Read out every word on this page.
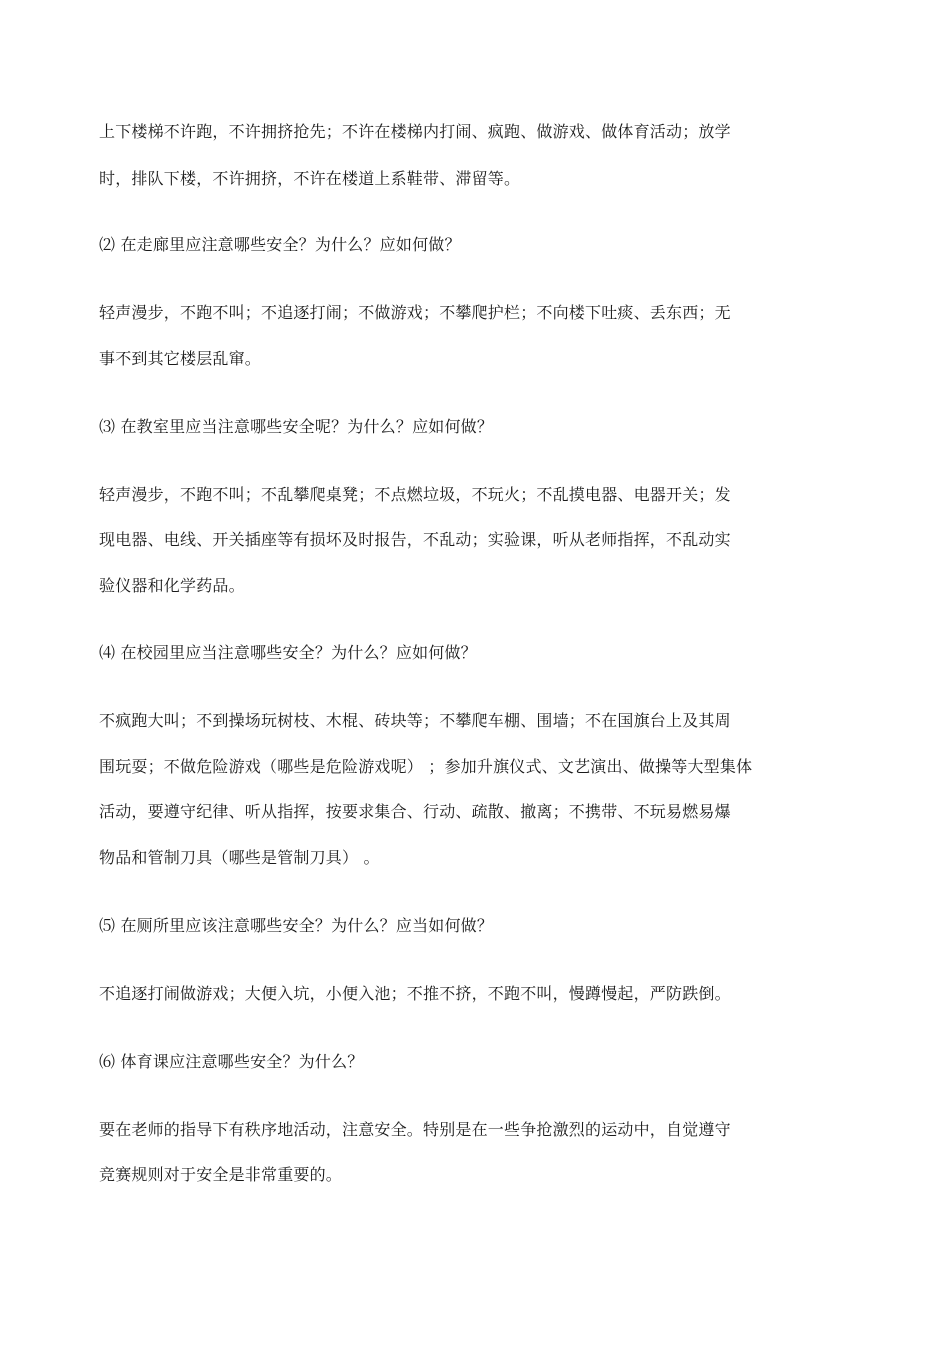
上下楼梯不许跑，不许拥挤抢先；不许在楼梯内打闹、疯跑、做游戏、做体育活动；放学
时，排队下楼，不许拥挤，不许在楼道上系鞋带、滞留等。
⑵ 在走廊里应注意哪些安全？为什么？应如何做？
轻声漫步，不跑不叫；不追逐打闹；不做游戏；不攀爬护栏；不向楼下吐痰、丢东西；无
事不到其它楼层乱窜。
⑶ 在教室里应当注意哪些安全呢？为什么？应如何做？
轻声漫步，不跑不叫；不乱攀爬桌凳；不点燃垃圾，不玩火；不乱摸电器、电器开关；发
现电器、电线、开关插座等有损坏及时报告，不乱动；实验课，听从老师指挥，不乱动实
验仪器和化学药品。
⑷ 在校园里应当注意哪些安全？为什么？应如何做？
不疯跑大叫；不到操场玩树枝、木棍、砖块等；不攀爬车棚、围墙；不在国旗台上及其周
围玩耍；不做危险游戏（哪些是危险游戏呢） ；参加升旗仪式、文艺演出、做操等大型集体
活动，要遵守纪律、听从指挥，按要求集合、行动、疏散、撤离；不携带、不玩易燃易爆
物品和管制刀具（哪些是管制刀具） 。
⑸ 在厕所里应该注意哪些安全？为什么？应当如何做？
不追逐打闹做游戏；大便入坑，小便入池；不推不挤，不跑不叫，慢蹲慢起，严防跌倒。
⑹ 体育课应注意哪些安全？为什么？
要在老师的指导下有秩序地活动，注意安全。特别是在一些争抢激烈的运动中，自觉遵守
竞赛规则对于安全是非常重要的。
